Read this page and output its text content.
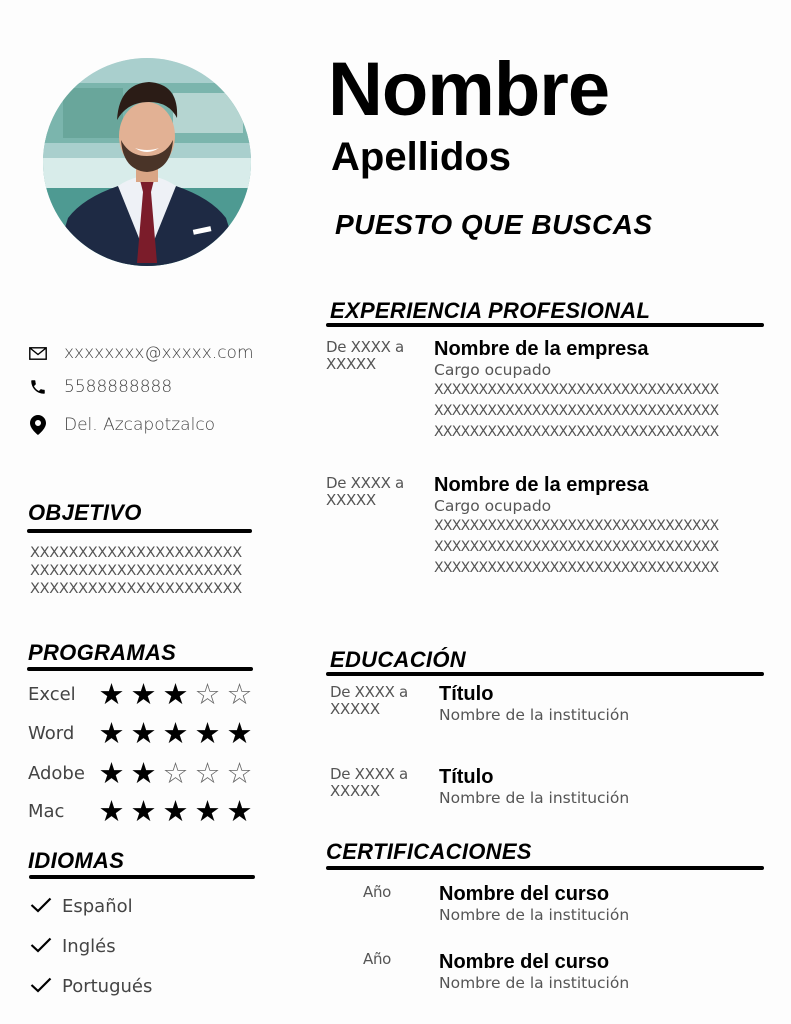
Nombre
Apellidos
PUESTO QUE BUSCAS
xxxxxxxx@xxxxx.com
5588888888
Del. Azcapotzalco
OBJETIVO
XXXXXXXXXXXXXXXXXXXXXX
XXXXXXXXXXXXXXXXXXXXXX
XXXXXXXXXXXXXXXXXXXXXX
PROGRAMAS
Excel ★ ★ ★ ☆ ☆
Word ★ ★ ★ ★ ★
Adobe ★ ★ ☆ ☆ ☆
Mac	★ ★ ★ ★ ★
IDIOMAS
Español
Inglés
Portugués
EXPERIENCIA PROFESIONAL
De XXXX a XXXXX
Nombre de la empresa
Cargo ocupado
XXXXXXXXXXXXXXXXXXXXXXXXXXXXXXXX
XXXXXXXXXXXXXXXXXXXXXXXXXXXXXXXX
XXXXXXXXXXXXXXXXXXXXXXXXXXXXXXXX
De XXXX a XXXXX
Nombre de la empresa
Cargo ocupado
XXXXXXXXXXXXXXXXXXXXXXXXXXXXXXXX
XXXXXXXXXXXXXXXXXXXXXXXXXXXXXXXX
XXXXXXXXXXXXXXXXXXXXXXXXXXXXXXXX
EDUCACIÓN
De XXXX a XXXXX
Título
Nombre de la institución
De XXXX a XXXXX
Título
Nombre de la institución
CERTIFICACIONES
Año Nombre del curso
Nombre de la institución
Año Nombre del curso
Nombre de la institución
